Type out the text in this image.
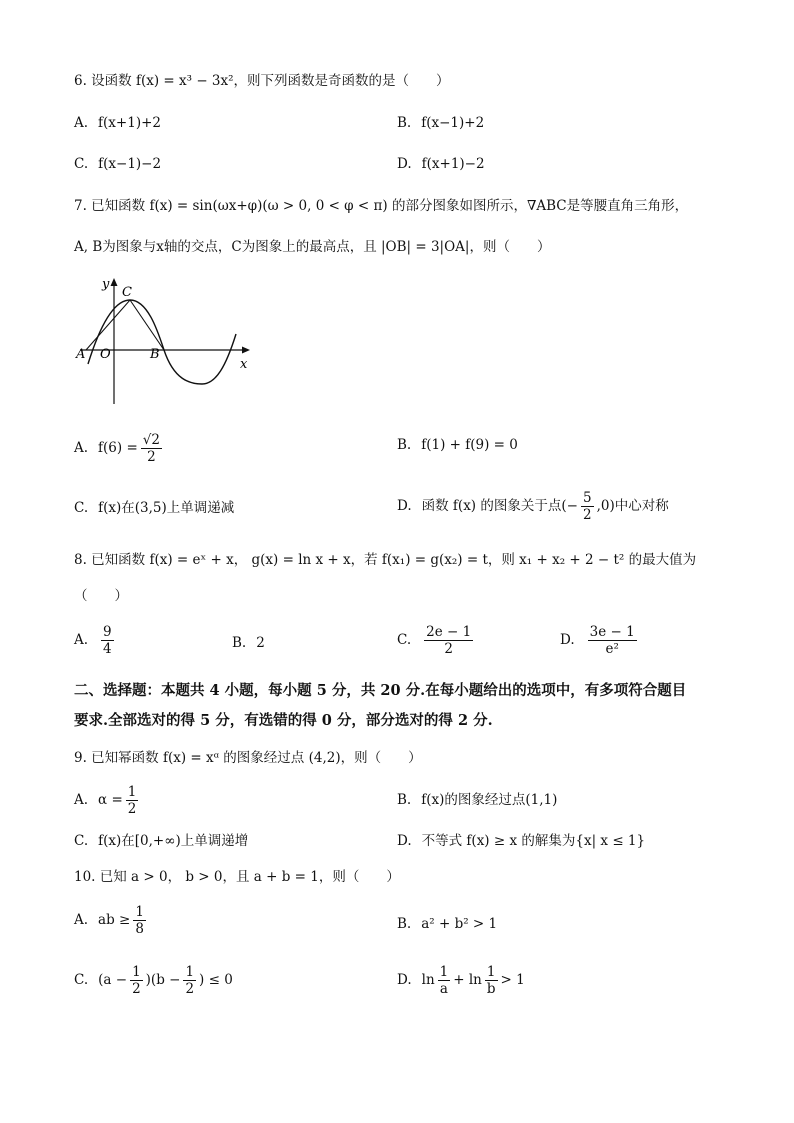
6. 设函数 f(x) = x³ − 3x²，则下列函数是奇函数的是（　　）
A. f(x+1)+2	B. f(x−1)+2
C. f(x−1)−2	D. f(x+1)−2
7. 已知函数 f(x) = sin(ωx+φ)(ω > 0, 0 < φ < π) 的部分图象如图所示，∇ABC是等腰直角三角形，
A, B为图象与x轴的交点，C为图象上的最高点，且 |OB| = 3|OA|，则（　　）
y
x
A O	B
C
A. $f(6) = \frac{√2}{2}$	B. f(1) + f(9) = 0
C. f(x)在(3,5)上单调递减	D. 函数 f(x) 的图象关于点(− $\frac{5}{2} ,0$)中心对称
8. 已知函数 f(x) = eˣ + x， g(x) = ln x + x，若 f(x₁) = g(x₂) = t，则 x₁ + x₂ + 2 − t² 的最大值为
（　　）
A. $\frac{9}{4}$	B. 2	C. $\frac{2e - 1}{2}$	D. $\frac{3e - 1}{\text{e²}}$
二、选择题：本题共 4 小题，每小题 5 分，共 20 分.在每小题给出的选项中，有多项符合题目
要求.全部选对的得 5 分，有选错的得 0 分，部分选对的得 2 分.
9. 已知幂函数 f(x) = xᵅ 的图象经过点 (4,2)，则（　　）
A. $\alpha = \frac{1}{2}$	B. f(x)的图象经过点(1,1)
C. f(x)在[0,+∞)上单调递增	D. 不等式 f(x) ≥ x 的解集为{x| x ≤ 1}
10. 已知 a > 0， b > 0，且 a + b = 1，则（　　）
A. ab ≥ $\frac{1}{8}$	B. a² + b² > 1
C. $(a - \frac{1}{2} )(b - \frac{1}{2}$ ) ≤ 0	D. $\ln \frac{1}{a} + \ln \frac{1}{b} > 1$
